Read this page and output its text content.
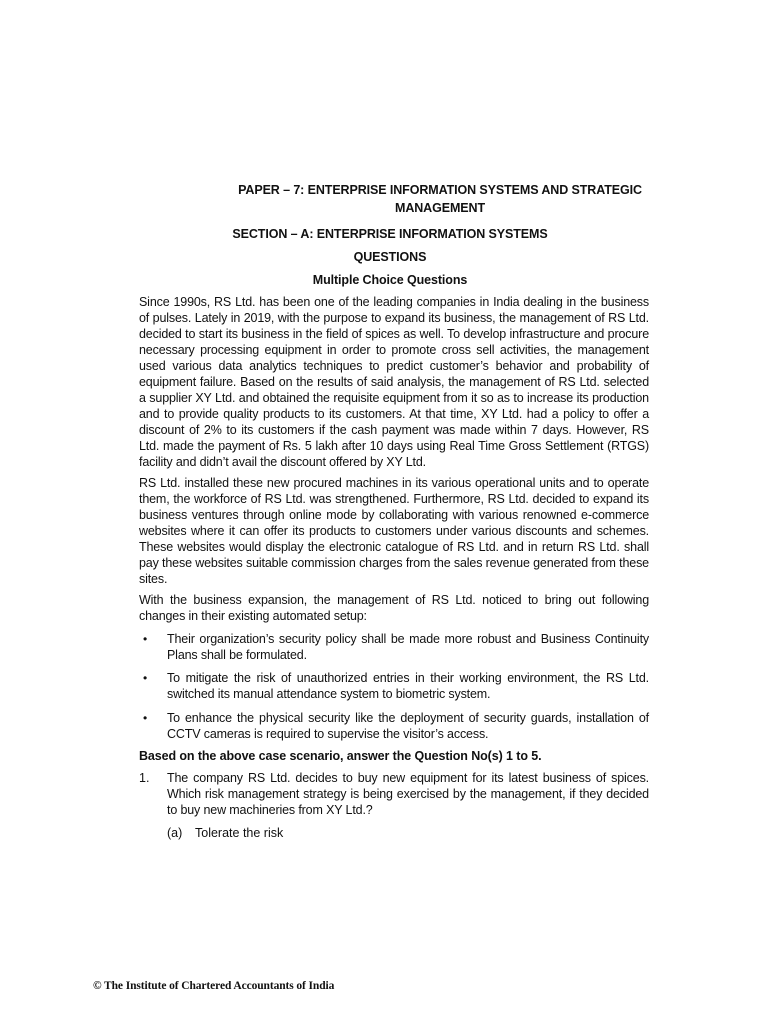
PAPER – 7: ENTERPRISE INFORMATION SYSTEMS AND STRATEGIC
MANAGEMENT
SECTION – A: ENTERPRISE INFORMATION SYSTEMS
QUESTIONS
Multiple Choice Questions

Since 1990s, RS Ltd. has been one of the leading companies in India dealing in the business of pulses. Lately in 2019, with the purpose to expand its business, the management of RS Ltd. decided to start its business in the field of spices as well. To develop infrastructure and procure necessary processing equipment in order to promote cross sell activities, the management used various data analytics techniques to predict customer’s behavior and probability of equipment failure. Based on the results of said analysis, the management of RS Ltd. selected a supplier XY Ltd. and obtained the requisite equipment from it so as to increase its production and to provide quality products to its customers. At that time, XY Ltd. had a policy to offer a discount of 2% to its customers if the cash payment was made within 7 days. However, RS Ltd. made the payment of Rs. 5 lakh after 10 days using Real Time Gross Settlement (RTGS) facility and didn’t avail the discount offered by XY Ltd.

RS Ltd. installed these new procured machines in its various operational units and to operate them, the workforce of RS Ltd. was strengthened. Furthermore, RS Ltd. decided to expand its business ventures through online mode by collaborating with various renowned e-commerce websites where it can offer its products to customers under various discounts and schemes. These websites would display the electronic catalogue of RS Ltd. and in return RS Ltd. shall pay these websites suitable commission charges from the sales revenue generated from these sites.

With the business expansion, the management of RS Ltd. noticed to bring out following changes in their existing automated setup:

• Their organization’s security policy shall be made more robust and Business Continuity Plans shall be formulated.
• To mitigate the risk of unauthorized entries in their working environment, the RS Ltd. switched its manual attendance system to biometric system.
• To enhance the physical security like the deployment of security guards, installation of CCTV cameras is required to supervise the visitor’s access.
Based on the above case scenario, answer the Question No(s) 1 to 5.
1. The company RS Ltd. decides to buy new equipment for its latest business of spices. Which risk management strategy is being exercised by the management, if they decided to buy new machineries from XY Ltd.?
(a) Tolerate the risk
© The Institute of Chartered Accountants of India
